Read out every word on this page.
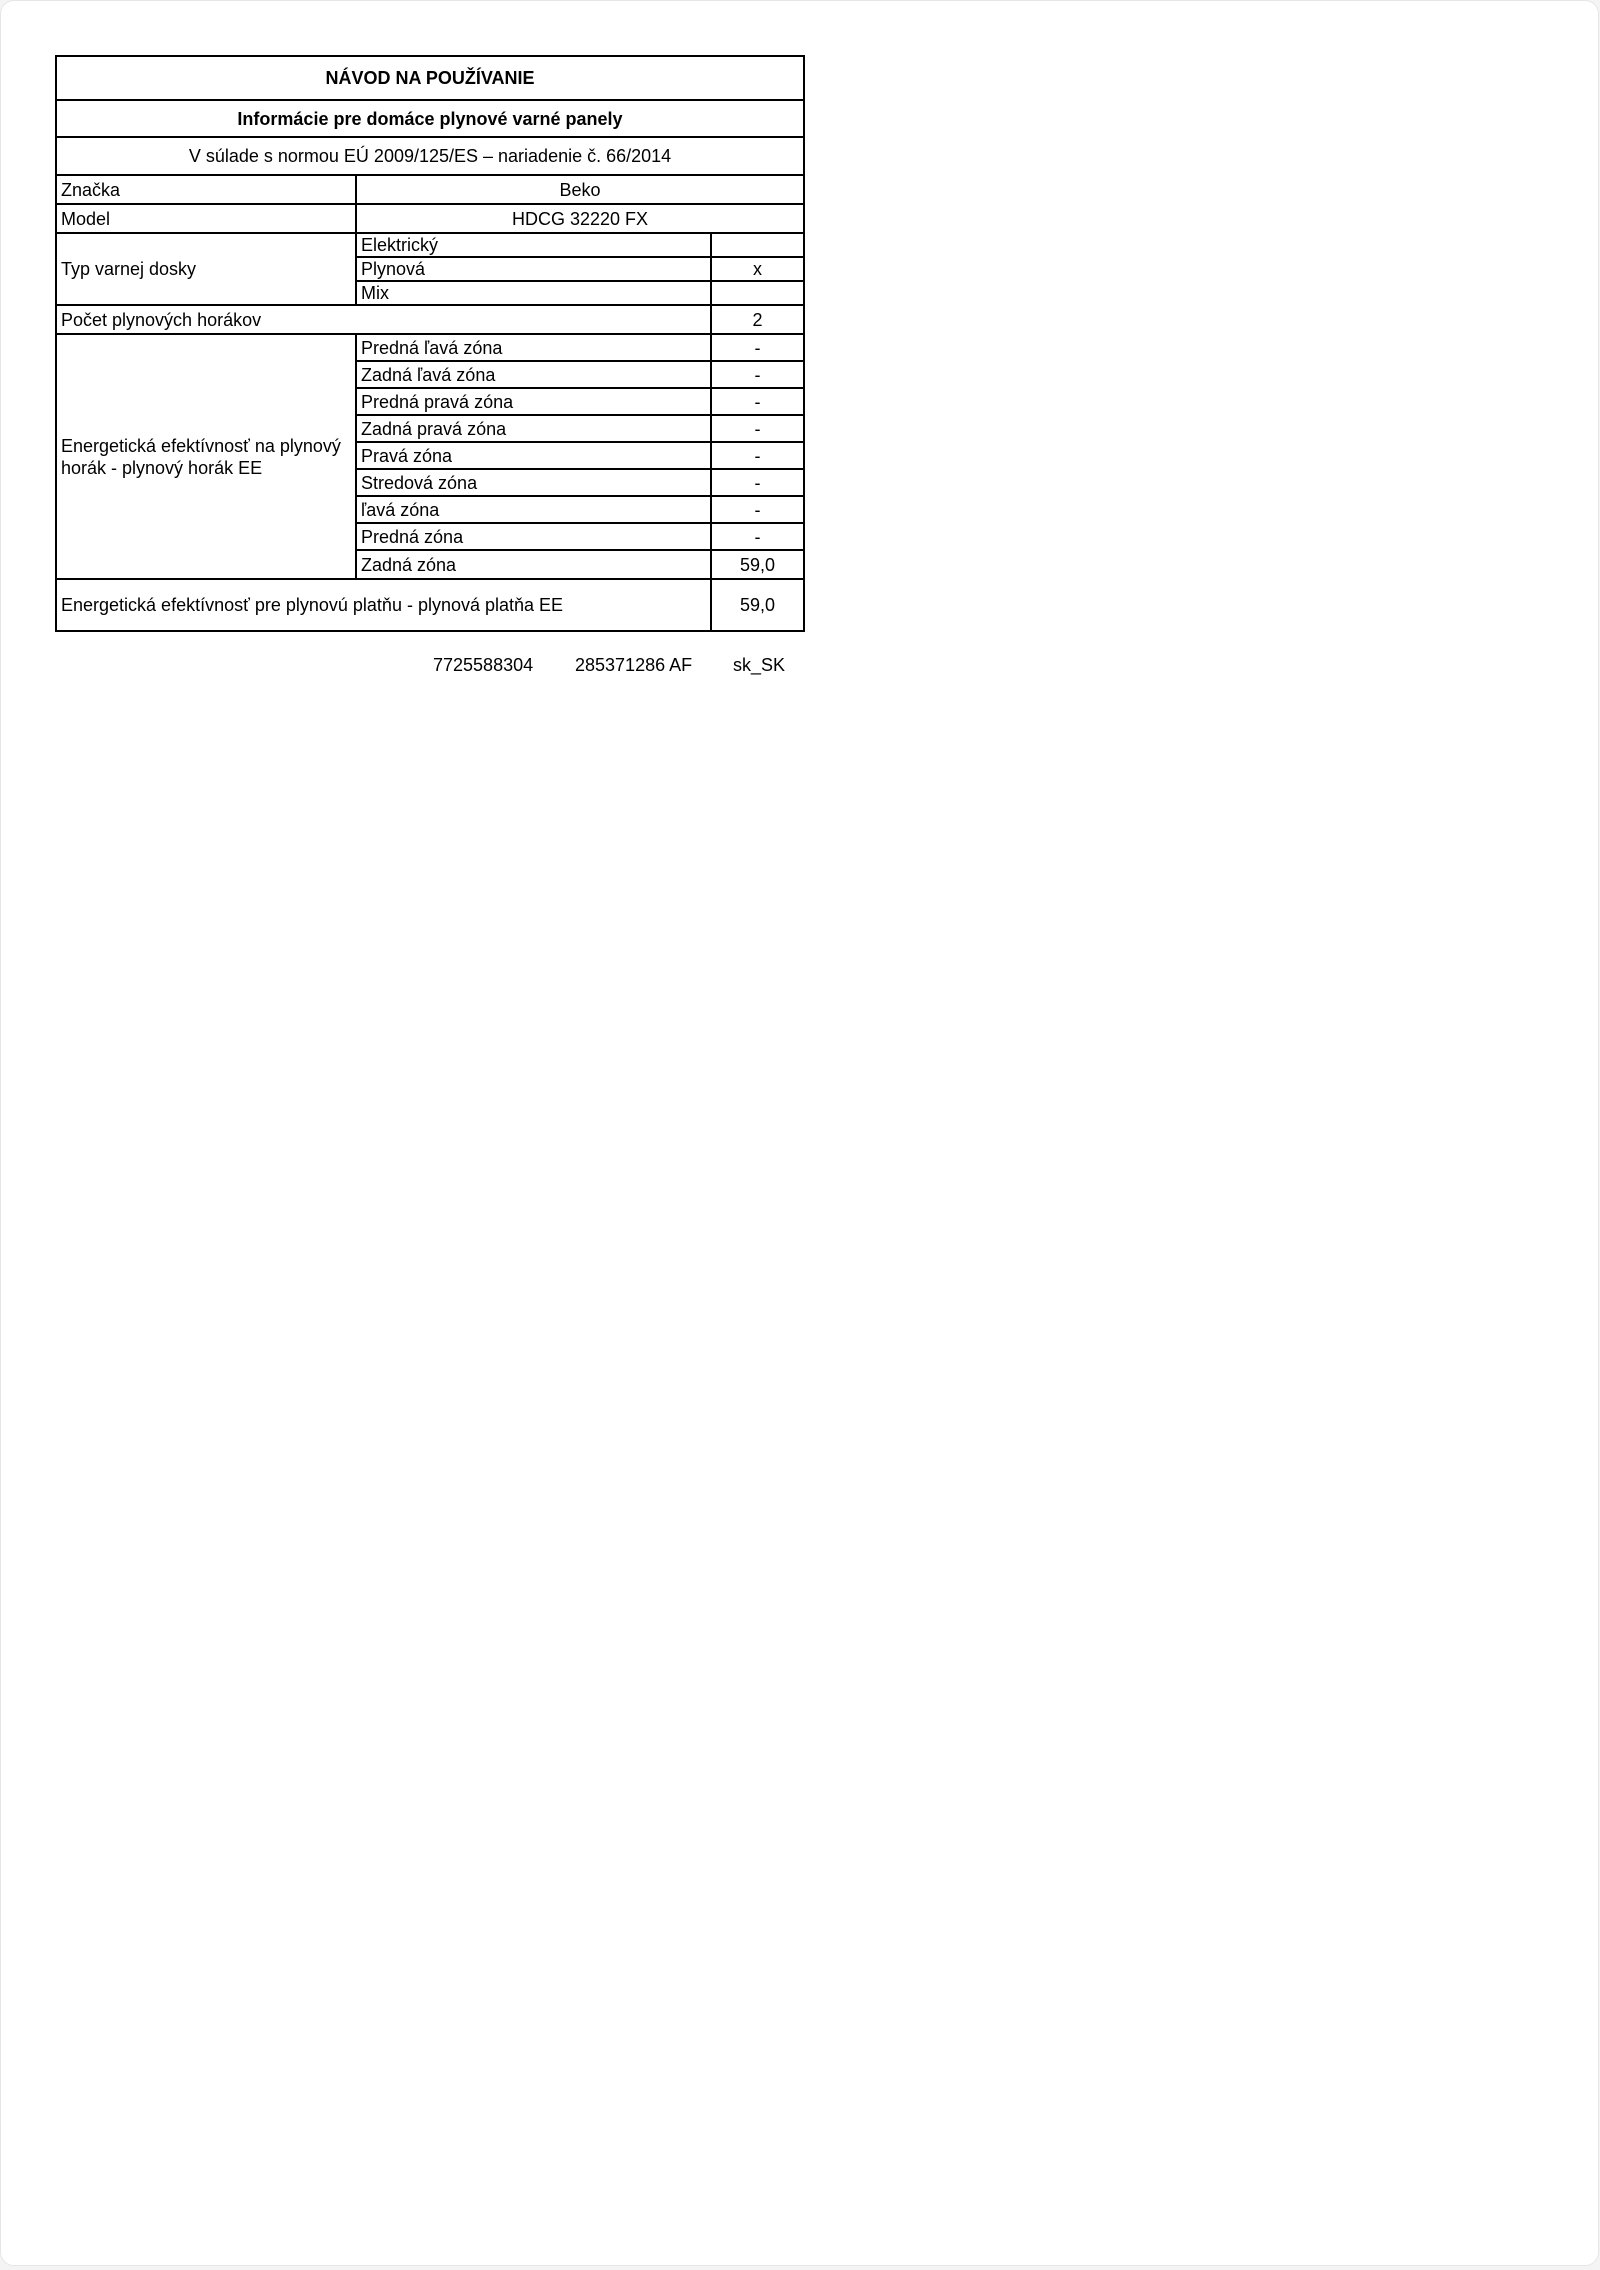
NÁVOD NA POUŽÍVANIE		
Informácie pre domáce plynové varné panely		
V súlade s normou EÚ 2009/125/ES – nariadenie č. 66/2014		
Značka	Beko	
Model	HDCG 32220 FX	
Typ varnej dosky	Elektrický	
	Plynová	x
	Mix	
Počet plynových horákov		2
Energetická efektívnosť na plynový horák - plynový horák EE	Predná ľavá zóna	-
	Zadná ľavá zóna	-
	Predná pravá zóna	-
	Zadná pravá zóna	-
	Pravá zóna	-
	Stredová zóna	-
	ľavá zóna	-
	Predná zóna	-
	Zadná zóna	59,0
Energetická efektívnosť pre plynovú platňu - plynová platňa EE		59,0
7725588304 285371286 AF sk_SK
